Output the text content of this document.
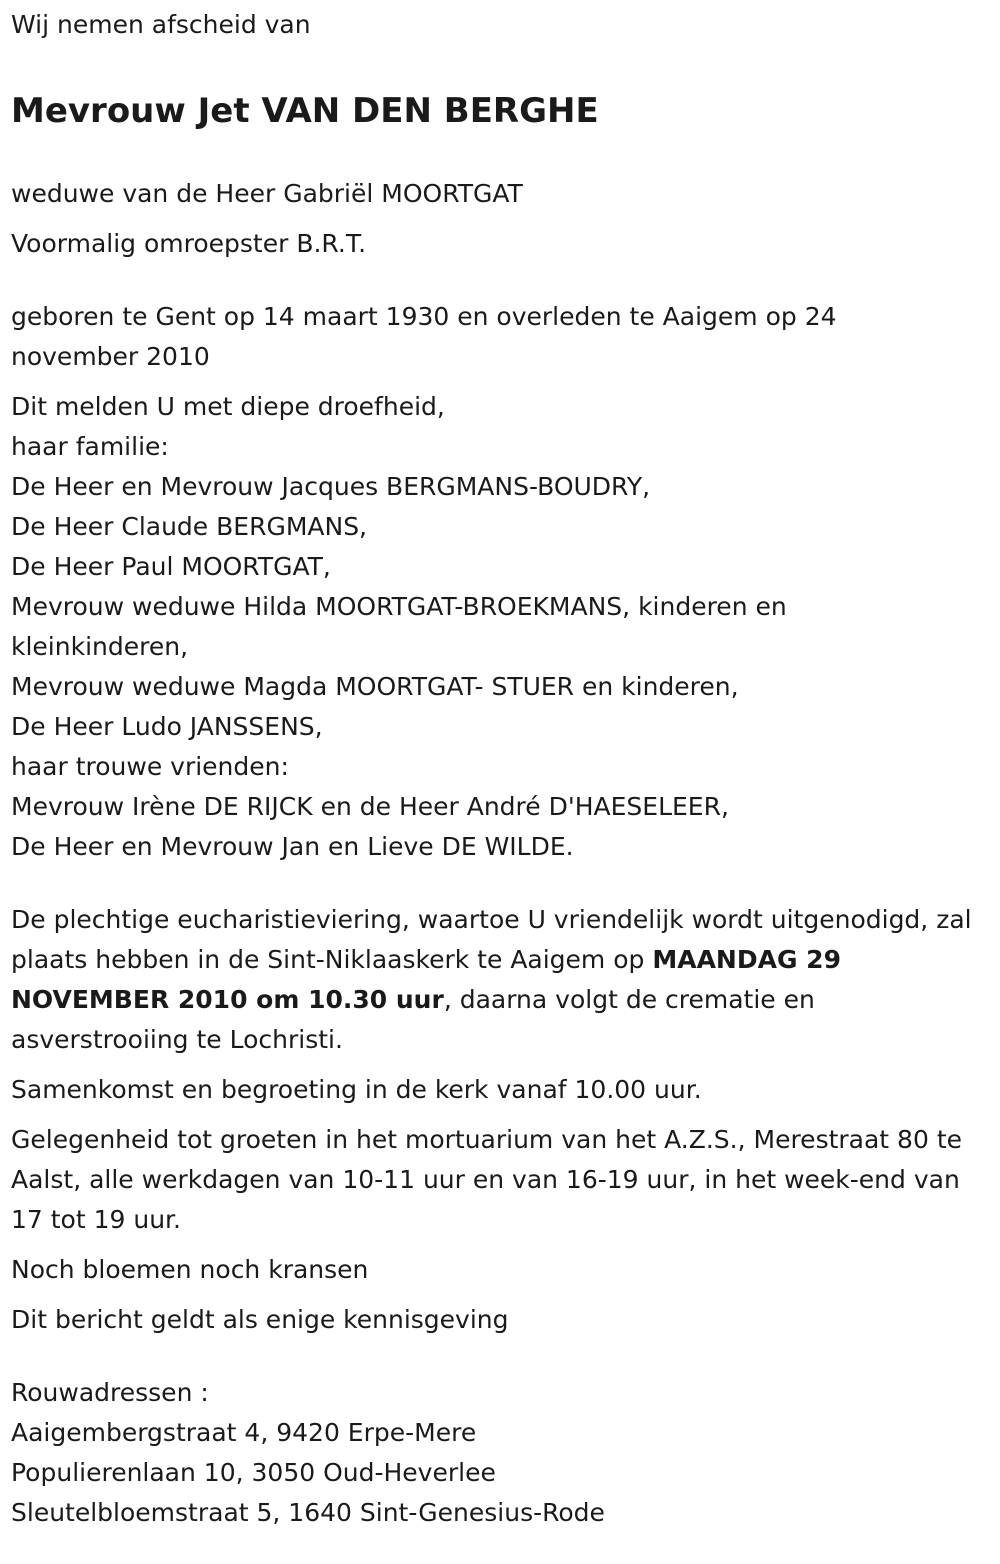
Wij nemen afscheid van
Mevrouw Jet VAN DEN BERGHE
weduwe van de Heer Gabriël MOORTGAT
Voormalig omroepster B.R.T.
geboren te Gent op 14 maart 1930 en overleden te Aaigem op 24 november 2010
Dit melden U met diepe droefheid,
haar familie:
De Heer en Mevrouw Jacques BERGMANS-BOUDRY,
De Heer Claude BERGMANS,
De Heer Paul MOORTGAT,
Mevrouw weduwe Hilda MOORTGAT-BROEKMANS, kinderen en kleinkinderen,
Mevrouw weduwe Magda MOORTGAT- STUER en kinderen,
De Heer Ludo JANSSENS,
haar trouwe vrienden:
Mevrouw Irène DE RIJCK en de Heer André D'HAESELEER,
De Heer en Mevrouw Jan en Lieve DE WILDE.
De plechtige eucharistieviering, waartoe U vriendelijk wordt uitgenodigd, zal plaats hebben in de Sint-Niklaaskerk te Aaigem op MAANDAG 29 NOVEMBER 2010 om 10.30 uur, daarna volgt de crematie en asverstrooiing te Lochristi.
Samenkomst en begroeting in de kerk vanaf 10.00 uur.
Gelegenheid tot groeten in het mortuarium van het A.Z.S., Merestraat 80 te Aalst, alle werkdagen van 10-11 uur en van 16-19 uur, in het week-end van 17 tot 19 uur.
Noch bloemen noch kransen
Dit bericht geldt als enige kennisgeving
Rouwadressen :
Aaigembergstraat 4, 9420 Erpe-Mere
Populierenlaan 10, 3050 Oud-Heverlee
Sleutelbloemstraat 5, 1640 Sint-Genesius-Rode
